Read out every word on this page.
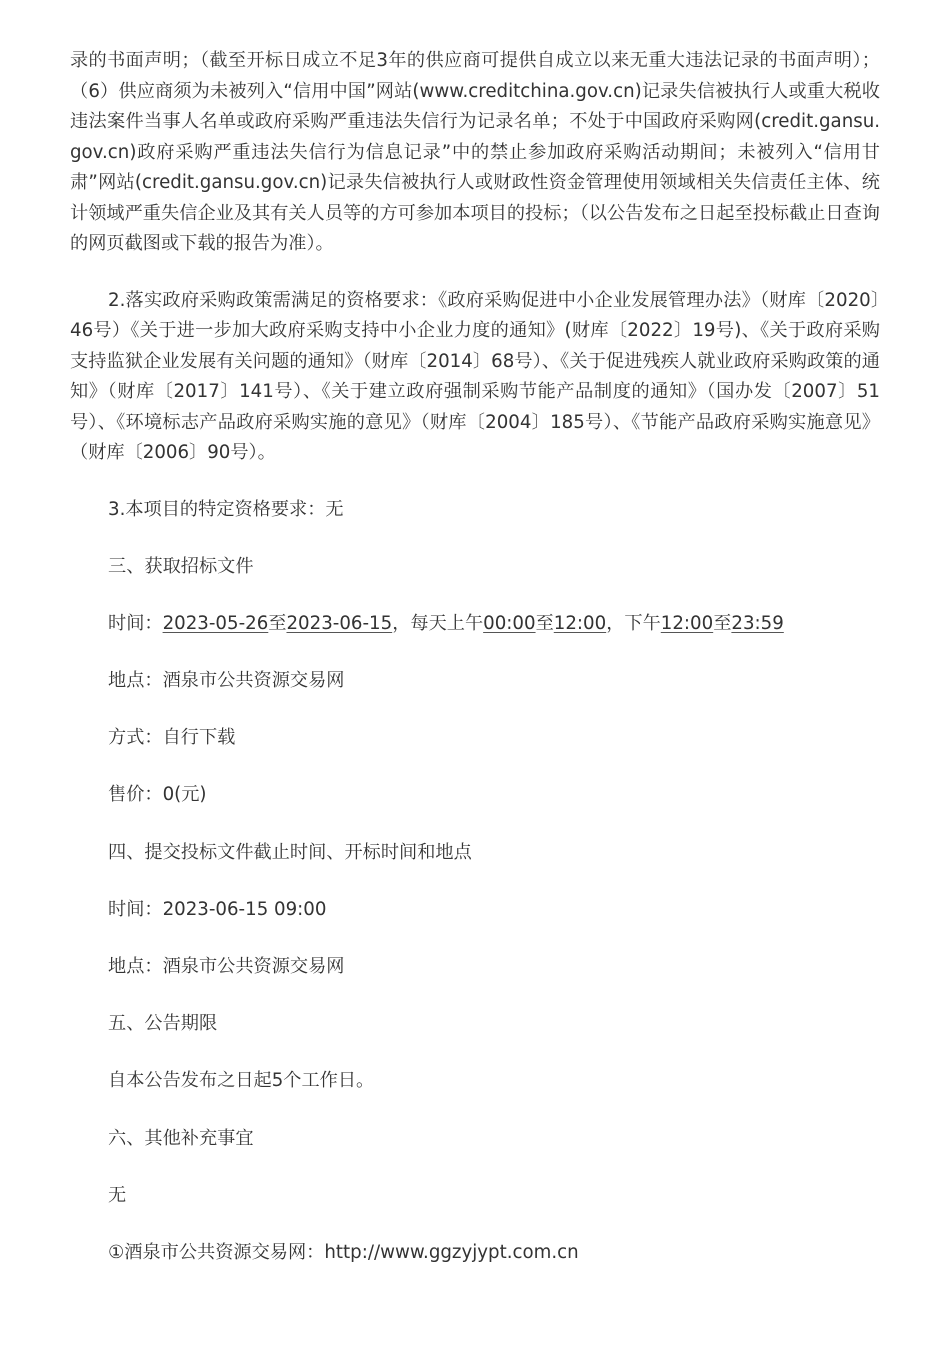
录的书面声明；（截至开标日成立不足3年的供应商可提供自成立以来无重大违法记录的书面声明）；（6）供应商须为未被列入“信用中国”网站(www.creditchina.gov.cn)记录失信被执行人或重大税收违法案件当事人名单或政府采购严重违法失信行为记录名单；不处于中国政府采购网(credit.gansu.gov.cn)政府采购严重违法失信行为信息记录”中的禁止参加政府采购活动期间；未被列入“信用甘肃”网站(credit.gansu.gov.cn)记录失信被执行人或财政性资金管理使用领域相关失信责任主体、统计领域严重失信企业及其有关人员等的方可参加本项目的投标；（以公告发布之日起至投标截止日查询的网页截图或下载的报告为准）。

2.落实政府采购政策需满足的资格要求：《政府采购促进中小企业发展管理办法》（财库〔2020〕46号）《关于进一步加大政府采购支持中小企业力度的通知》(财库〔2022〕19号)、《关于政府采购支持监狱企业发展有关问题的通知》（财库〔2014〕68号）、《关于促进残疾人就业政府采购政策的通知》（财库〔2017〕141号）、《关于建立政府强制采购节能产品制度的通知》（国办发〔2007〕51号）、《环境标志产品政府采购实施的意见》（财库〔2004〕185号）、《节能产品政府采购实施意见》（财库〔2006〕90号）。

3.本项目的特定资格要求：无

三、获取招标文件

时间：2023-05-26至2023-06-15，每天上午00:00至12:00，下午12:00至23:59

地点：酒泉市公共资源交易网

方式：自行下载

售价：0(元)

四、提交投标文件截止时间、开标时间和地点

时间：2023-06-15 09:00

地点：酒泉市公共资源交易网

五、公告期限

自本公告发布之日起5个工作日。

六、其他补充事宜

无

①酒泉市公共资源交易网：http://www.ggzyjypt.com.cn
